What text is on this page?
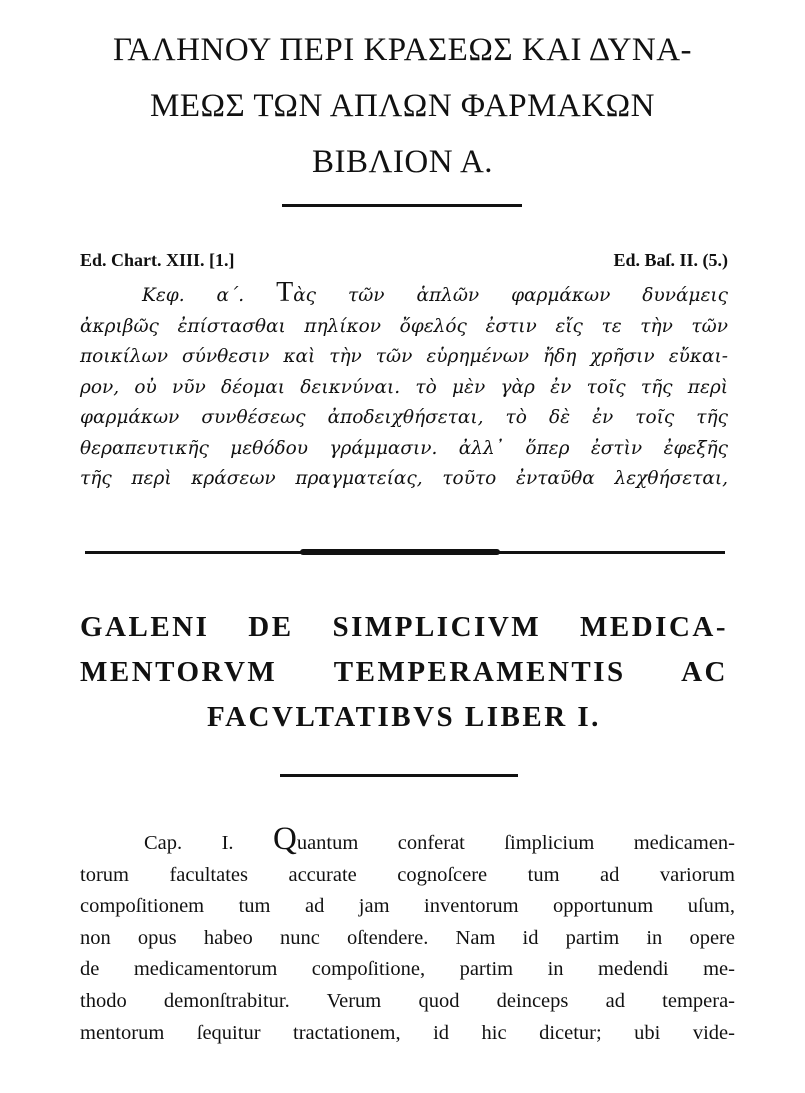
ΓΑΛΗΝΟΥ ΠΕΡΙ ΚΡΑΣΕΩΣ ΚΑΙ ΔΥΝΑ-
ΜΕΩΣ ΤΩΝ ΑΠΛΩΝ ΦΑΡΜΑΚΩΝ
ΒΙΒΛΙΟΝ Α.
Ed. Chart. XIII. [1.]	Ed. Baſ. II. (5.)
Κεφ. α΄. Τὰς τῶν ἁπλῶν φαρμάκων δυνάμεις
ἀκριβῶς ἐπίστασθαι πηλίκον ὄφελός ἐστιν εἴς τε τὴν τῶν
ποικίλων σύνθεσιν καὶ τὴν τῶν εὑρημένων ἤδη χρῆσιν εὔκαι-
ρον, οὐ νῦν δέομαι δεικνύναι. τὸ μὲν γὰρ ἐν τοῖς τῆς περὶ
φαρμάκων συνθέσεως ἀποδειχθήσεται, τὸ δὲ ἐν τοῖς τῆς
θεραπευτικῆς μεθόδου γράμμασιν. ἀλλ᾽ ὅπερ ἐστὶν ἐφεξῆς
τῆς περὶ κράσεων πραγματείας, τοῦτο ἐνταῦθα λεχθήσεται,
GALENI DE SIMPLICIVM MEDICA-
MENTORVM TEMPERAMENTIS AC
FACVLTATIBVS LIBER I.
Cap. I. Quantum conferat ſimplicium medicamen-
torum facultates accurate cognoſcere tum ad variorum
compoſitionem tum ad jam inventorum opportunum uſum,
non opus habeo nunc oſtendere. Nam id partim in opere
de medicamentorum compoſitione, partim in medendi me-
thodo demonſtrabitur. Verum quod deinceps ad tempera-
mentorum ſequitur tractationem, id hic dicetur; ubi vide-
